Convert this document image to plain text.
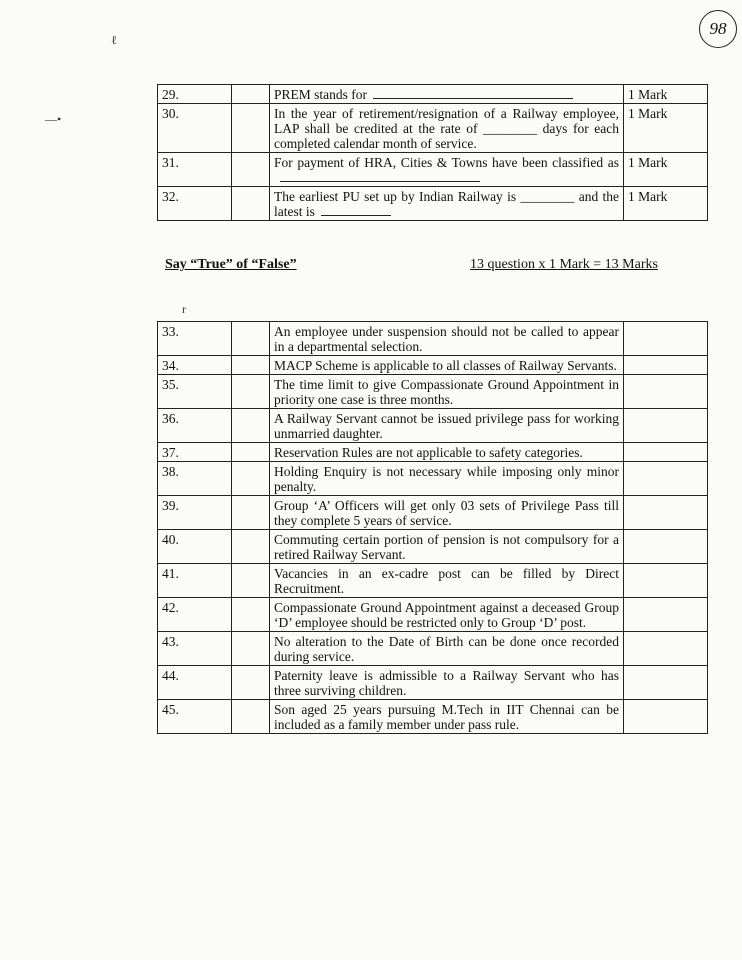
98
ℓ
—•
r
29.		PREM stands for	1 Mark
30.		In the year of retirement/resignation of a Railway employee, LAP shall be credited at the rate of ________ days for each completed calendar month of service.	1 Mark
31.		For payment of HRA, Cities & Towns have been classified as	1 Mark
32.		The earliest PU set up by Indian Railway is ________ and the latest is	1 Mark
Say “True” of “False”	13 question x 1 Mark = 13 Marks
33.		An employee under suspension should not be called to appear in a departmental selection.	
34.		MACP Scheme is applicable to all classes of Railway Servants.	
35.		The time limit to give Compassionate Ground Appointment in priority one case is three months.	
36.		A Railway Servant cannot be issued privilege pass for working unmarried daughter.	
37.		Reservation Rules are not applicable to safety categories.	
38.		Holding Enquiry is not necessary while imposing only minor penalty.	
39.		Group ‘A’ Officers will get only 03 sets of Privilege Pass till they complete 5 years of service.	
40.		Commuting certain portion of pension is not compulsory for a retired Railway Servant.	
41.		Vacancies in an ex-cadre post can be filled by Direct Recruitment.	
42.		Compassionate Ground Appointment against a deceased Group ‘D’ employee should be restricted only to Group ‘D’ post.	
43.		No alteration to the Date of Birth can be done once recorded during service.	
44.		Paternity leave is admissible to a Railway Servant who has three surviving children.	
45.		Son aged 25 years pursuing M.Tech in IIT Chennai can be included as a family member under pass rule.	
